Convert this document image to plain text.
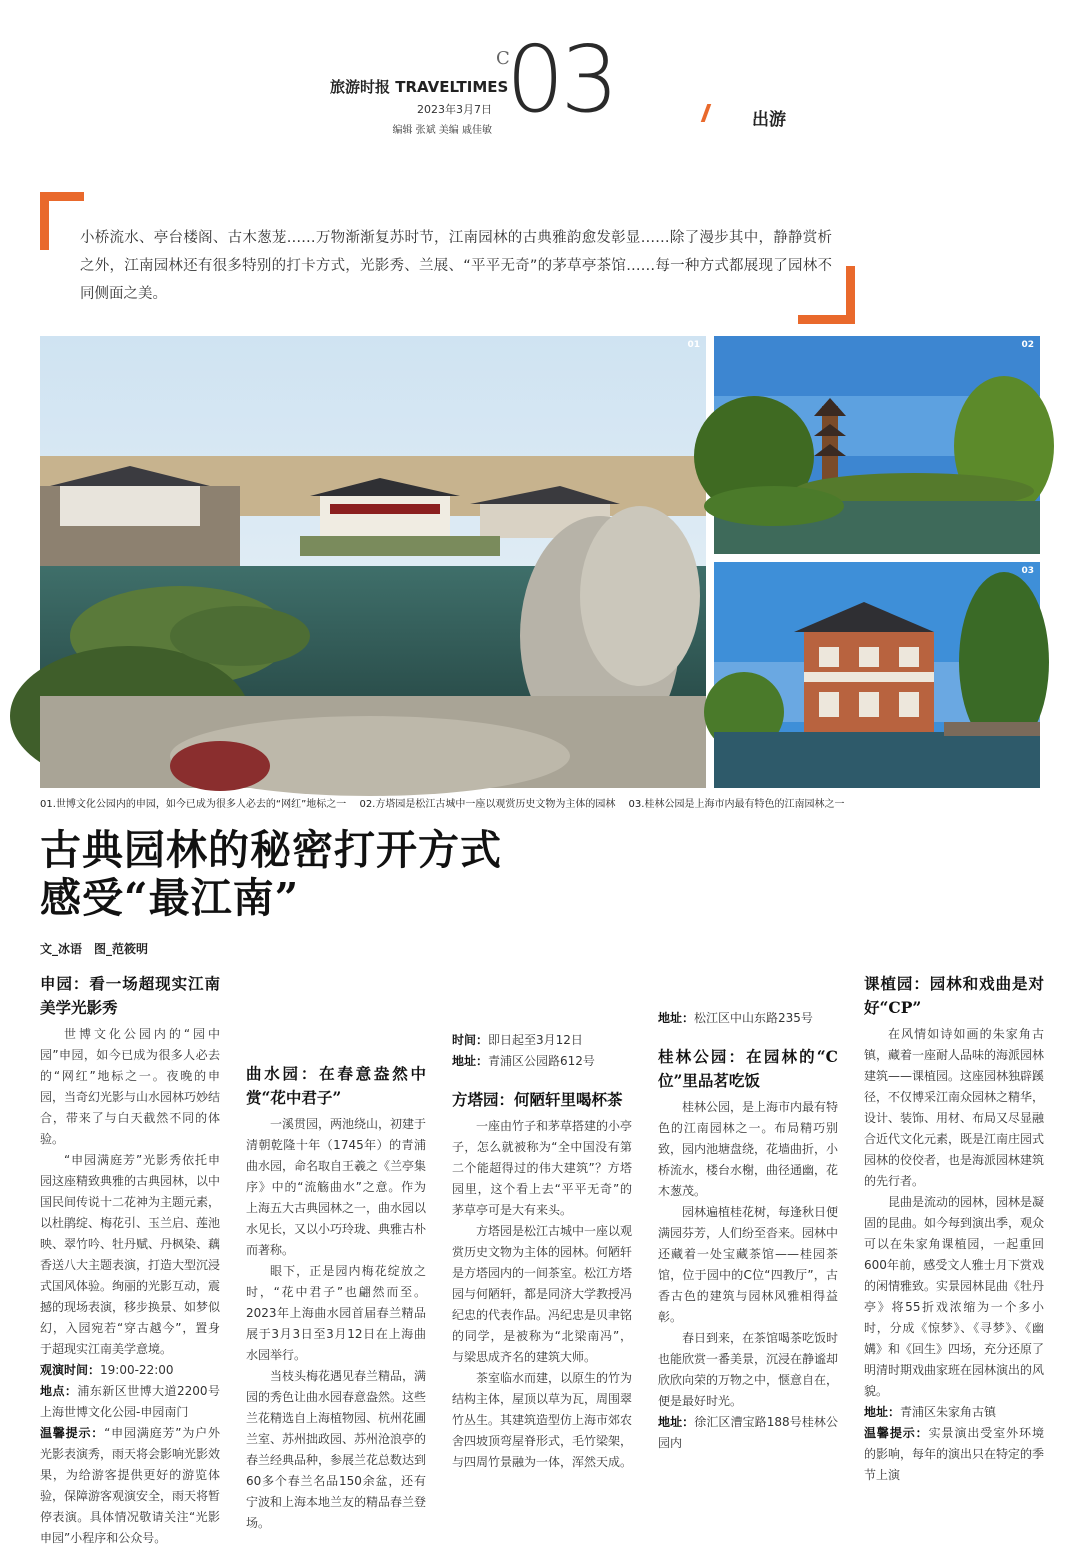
旅游时报 TRAVELTIMES
2023年3月7日
编辑 张斌 美编 戚佳敏
C
03	出游
小桥流水、亭台楼阁、古木葱茏……万物渐渐复苏时节，江南园林的古典雅韵愈发彰显……除了漫步其中，静静赏析之外，江南园林还有很多特别的打卡方式，光影秀、兰展、“平平无奇”的茅草亭茶馆……每一种方式都展现了园林不同侧面之美。
01	02
03
01.世博文化公园内的申园，如今已成为很多人必去的“网红”地标之一 02.方塔园是松江古城中一座以观赏历史文物为主体的园林 03.桂林公园是上海市内最有特色的江南园林之一
古典园林的秘密打开方式
感受“最江南”
文_冰语　图_范筱明
申园：看一场超现实江南美学光影秀

世博文化公园内的“园中园”申园，如今已成为很多人必去的“网红”地标之一。夜晚的申园，当奇幻光影与山水园林巧妙结合，带来了与白天截然不同的体验。

“申园满庭芳”光影秀依托申园这座精致典雅的古典园林，以中国民间传说十二花神为主题元素，以杜鹃绽、梅花引、玉兰启、莲池映、翠竹吟、牡丹赋、丹枫染、藕香送八大主题表演，打造大型沉浸式国风体验。绚丽的光影互动，震撼的现场表演，移步换景、如梦似幻，入园宛若“穿古越今”，置身于超现实江南美学意境。

观演时间：19:00-22:00

地点：浦东新区世博大道2200号 上海世博文化公园-申园南门

温馨提示：“申园满庭芳”为户外光影表演秀，雨天将会影响光影效果，为给游客提供更好的游览体验，保障游客观演安全，雨天将暂停表演。具体情况敬请关注“光影申园”小程序和公众号。

曲水园：在春意盎然中赏“花中君子”

一溪贯园，两池绕山，初建于清朝乾隆十年（1745年）的青浦曲水园，命名取自王羲之《兰亭集序》中的“流觞曲水”之意。作为上海五大古典园林之一，曲水园以水见长，又以小巧玲珑、典雅古朴而著称。

眼下，正是园内梅花绽放之时，“花中君子”也翩然而至。2023年上海曲水园首届春兰精品展于3月3日至3月12日在上海曲水园举行。

当枝头梅花遇见春兰精品，满园的秀色让曲水园春意盎然。这些兰花精选自上海植物园、杭州花圃兰室、苏州拙政园、苏州沧浪亭的春兰经典品种，参展兰花总数达到60多个春兰名品150余盆，还有宁波和上海本地兰友的精品春兰登场。

时间：即日起至3月12日

地址：青浦区公园路612号

方塔园：何陋轩里喝杯茶

一座由竹子和茅草搭建的小亭子，怎么就被称为“全中国没有第二个能超得过的伟大建筑”？方塔园里，这个看上去“平平无奇”的茅草亭可是大有来头。

方塔园是松江古城中一座以观赏历史文物为主体的园林。何陋轩是方塔园内的一间茶室。松江方塔园与何陋轩，都是同济大学教授冯纪忠的代表作品。冯纪忠是贝聿铭的同学，是被称为“北梁南冯”，与梁思成齐名的建筑大师。

茶室临水而建，以原生的竹为结构主体，屋顶以草为瓦，周围翠竹丛生。其建筑造型仿上海市郊农舍四坡顶弯屋脊形式，毛竹梁架，与四周竹景融为一体，浑然天成。

地址：松江区中山东路235号

桂林公园：在园林的“C位”里品茗吃饭

桂林公园，是上海市内最有特色的江南园林之一。布局精巧别致，园内池塘盘绕，花墙曲折，小桥流水，楼台水榭，曲径通幽，花木葱茂。

园林遍植桂花树，每逢秋日便满园芬芳，人们纷至沓来。园林中还藏着一处宝藏茶馆——桂园茶馆，位于园中的C位“四教厅”，古香古色的建筑与园林风雅相得益彰。

春日到来，在茶馆喝茶吃饭时也能欣赏一番美景，沉浸在静谧却欣欣向荣的万物之中，惬意自在，便是最好时光。

地址：徐汇区漕宝路188号桂林公园内

课植园：园林和戏曲是对好“CP”

在风情如诗如画的朱家角古镇，藏着一座耐人品味的海派园林建筑——课植园。这座园林独辟蹊径，不仅博采江南众园林之精华，设计、装饰、用材、布局又尽显融合近代文化元素，既是江南庄园式园林的佼佼者，也是海派园林建筑的先行者。

昆曲是流动的园林，园林是凝固的昆曲。如今每到演出季，观众可以在朱家角课植园，一起重回600年前，感受文人雅士月下赏戏的闲情雅致。实景园林昆曲《牡丹亭》将55折戏浓缩为一个多小时，分成《惊梦》、《寻梦》、《幽媾》和《回生》四场，充分还原了明清时期戏曲家班在园林演出的风貌。

地址：青浦区朱家角古镇

温馨提示：实景演出受室外环境的影响，每年的演出只在特定的季节上演
